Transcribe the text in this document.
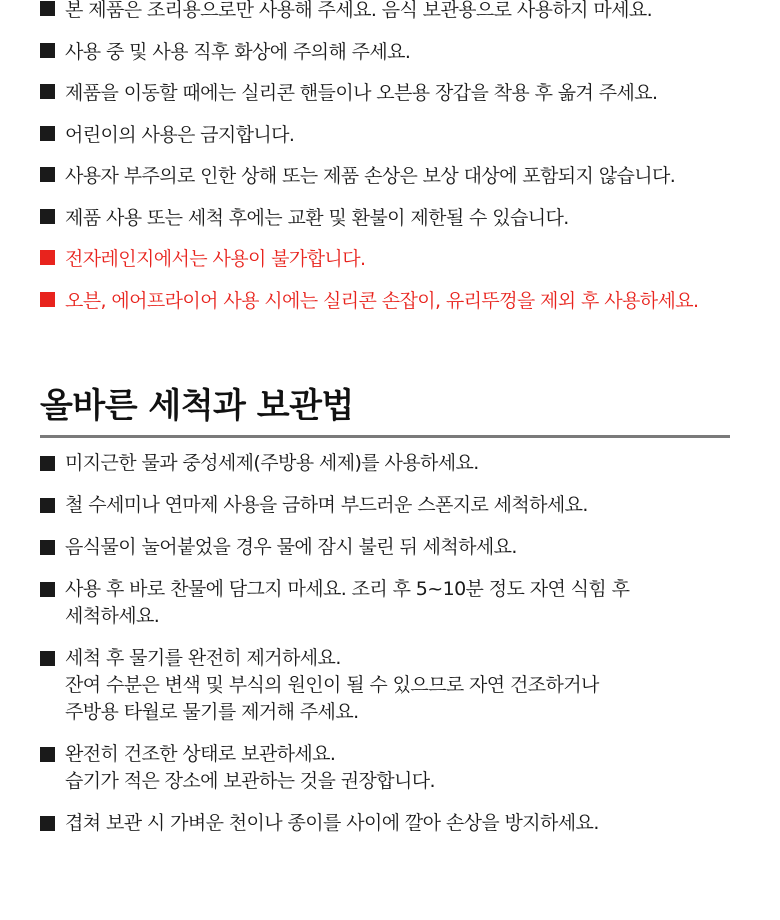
본 제품은 조리용으로만 사용해 주세요. 음식 보관용으로 사용하지 마세요.
사용 중 및 사용 직후 화상에 주의해 주세요.
제품을 이동할 때에는 실리콘 핸들이나 오븐용 장갑을 착용 후 옮겨 주세요.
어린이의 사용은 금지합니다.
사용자 부주의로 인한 상해 또는 제품 손상은 보상 대상에 포함되지 않습니다.
제품 사용 또는 세척 후에는 교환 및 환불이 제한될 수 있습니다.
전자레인지에서는 사용이 불가합니다.
오븐, 에어프라이어 사용 시에는 실리콘 손잡이, 유리뚜껑을 제외 후 사용하세요.
올바른 세척과 보관법
미지근한 물과 중성세제(주방용 세제)를 사용하세요.
철 수세미나 연마제 사용을 금하며 부드러운 스폰지로 세척하세요.
음식물이 눌어붙었을 경우 물에 잠시 불린 뒤 세척하세요.
사용 후 바로 찬물에 담그지 마세요. 조리 후 5~10분 정도 자연 식힘 후
세척하세요.
세척 후 물기를 완전히 제거하세요.
잔여 수분은 변색 및 부식의 원인이 될 수 있으므로 자연 건조하거나
주방용 타월로 물기를 제거해 주세요.
완전히 건조한 상태로 보관하세요.
습기가 적은 장소에 보관하는 것을 권장합니다.
겹쳐 보관 시 가벼운 천이나 종이를 사이에 깔아 손상을 방지하세요.
